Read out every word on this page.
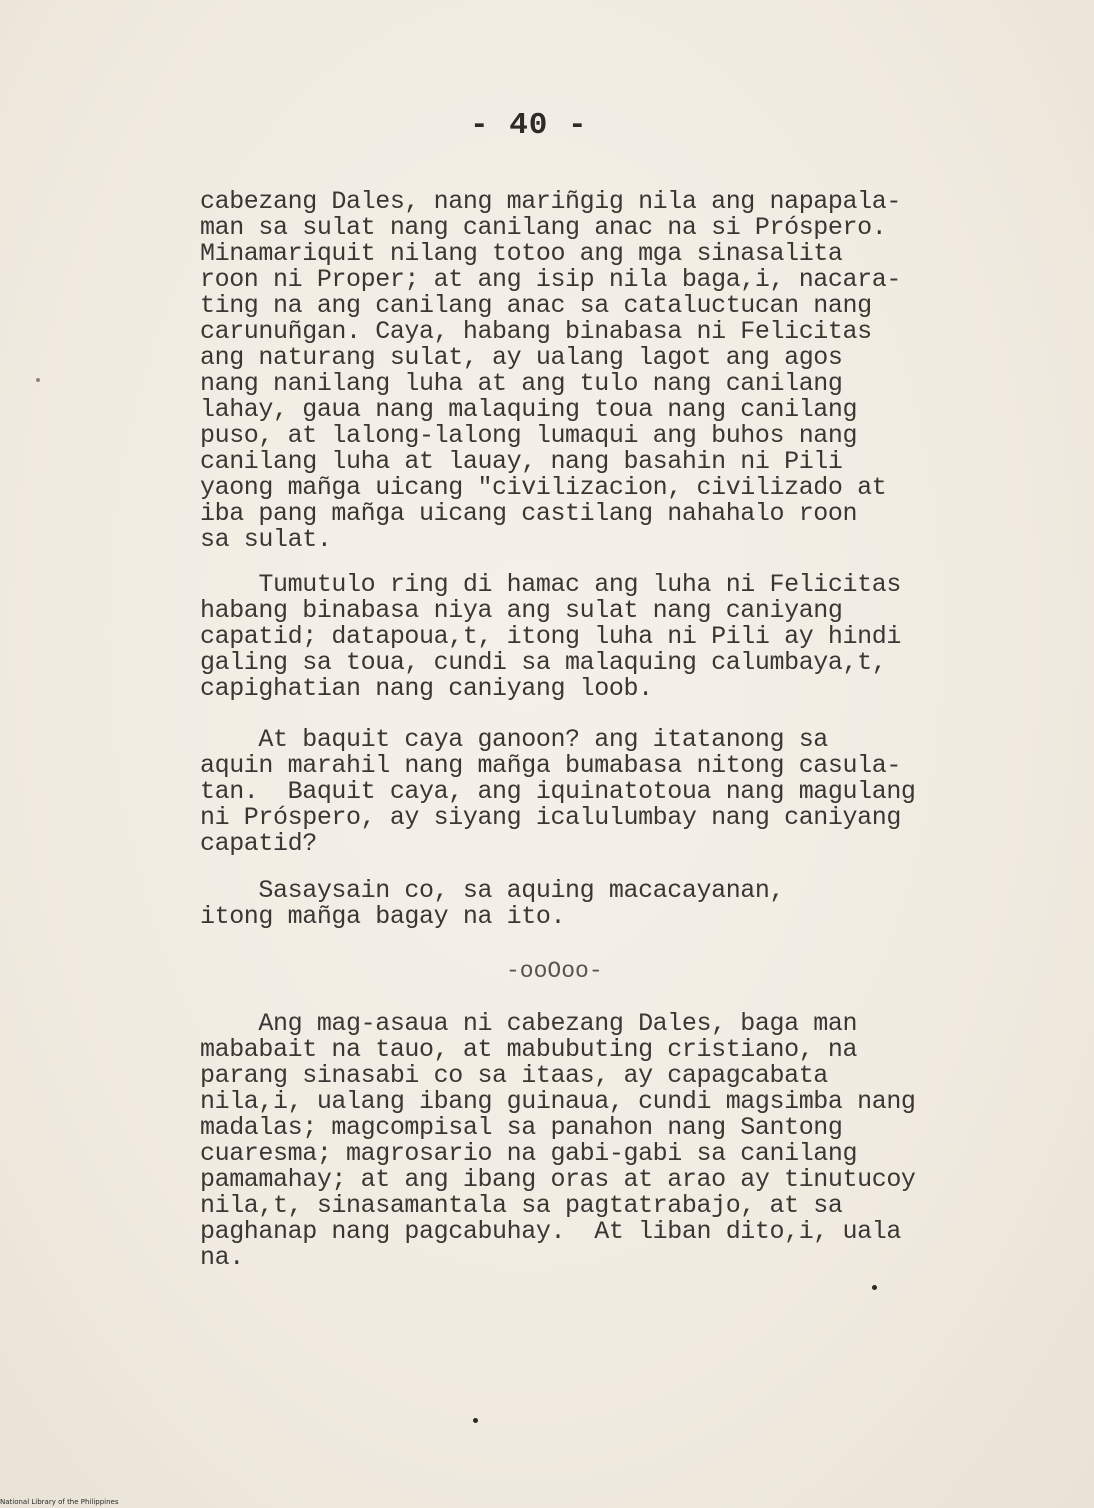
- 40 -
cabezang Dales, nang mariñgig nila ang napapala-
man sa sulat nang canilang anac na si Próspero.
Minamariquit nilang totoo ang mga sinasalita
roon ni Proper; at ang isip nila baga,i, nacara-
ting na ang canilang anac sa cataluctucan nang
carunuñgan. Caya, habang binabasa ni Felicitas
ang naturang sulat, ay ualang lagot ang agos
nang nanilang luha at ang tulo nang canilang
lahay, gaua nang malaquing toua nang canilang
puso, at lalong-lalong lumaqui ang buhos nang
canilang luha at lauay, nang basahin ni Pili
yaong mañga uicang "civilizacion, civilizado at
iba pang mañga uicang castilang nahahalo roon
sa sulat.
Tumutulo ring di hamac ang luha ni Felicitas
habang binabasa niya ang sulat nang caniyang
capatid; datapoua,t, itong luha ni Pili ay hindi
galing sa toua, cundi sa malaquing calumbaya,t,
capighatian nang caniyang loob.
At baquit caya ganoon? ang itatanong sa
aquin marahil nang mañga bumabasa nitong casula-
tan.  Baquit caya, ang iquinatotoua nang magulang
ni Próspero, ay siyang icalulumbay nang caniyang
capatid?
Sasaysain co, sa aquing macacayanan,
itong mañga bagay na ito.
-ooOoo-
Ang mag-asaua ni cabezang Dales, baga man
mababait na tauo, at mabubuting cristiano, na
parang sinasabi co sa itaas, ay capagcabata
nila,i, ualang ibang guinaua, cundi magsimba nang
madalas; magcompisal sa panahon nang Santong
cuaresma; magrosario na gabi-gabi sa canilang
pamamahay; at ang ibang oras at arao ay tinutucoy
nila,t, sinasamantala sa pagtatrabajo, at sa
paghanap nang pagcabuhay.  At liban dito,i, uala
na.
National Library of the Philippines
